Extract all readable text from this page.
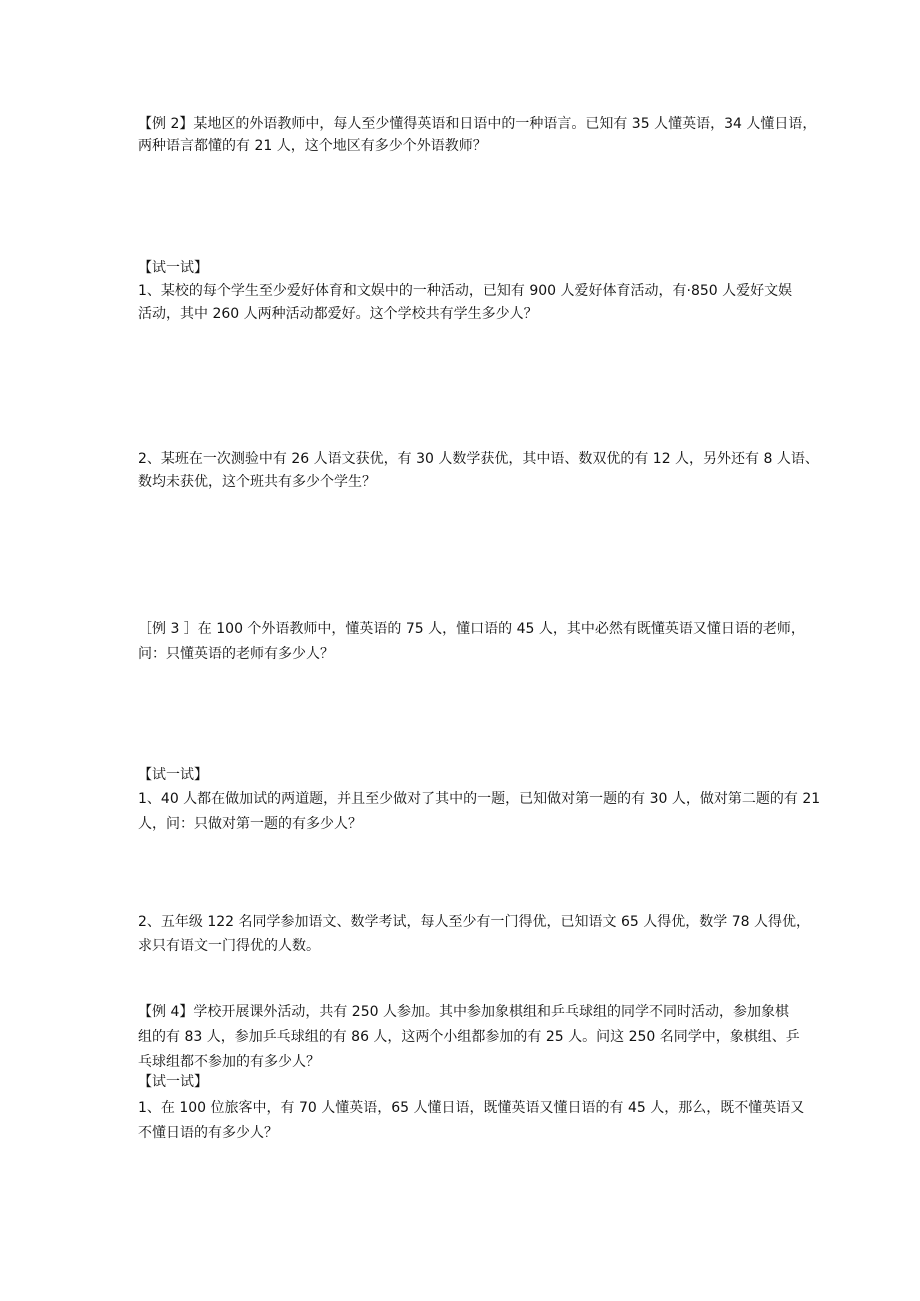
【例 2】某地区的外语教师中，每人至少懂得英语和日语中的一种语言。已知有 35 人懂英语，34 人懂日语，
两种语言都懂的有 21 人，这个地区有多少个外语教师？
【试一试】
1、某校的每个学生至少爱好体育和文娱中的一种活动，已知有 900 人爱好体育活动，有·850 人爱好文娱
活动，其中 260 人两种活动都爱好。这个学校共有学生多少人？
2、某班在一次测验中有 26 人语文获优，有 30 人数学获优，其中语、数双优的有 12 人，另外还有 8 人语、
数均未获优，这个班共有多少个学生？
［例 3 ］在 100 个外语教师中，懂英语的 75 人，懂口语的 45 人，其中必然有既懂英语又懂日语的老师，
问：只懂英语的老师有多少人？
【试一试】
1、40 人都在做加试的两道题，并且至少做对了其中的一题，已知做对第一题的有 30 人，做对第二题的有 21
人，问：只做对第一题的有多少人？
2、五年级 122 名同学参加语文、数学考试，每人至少有一门得优，已知语文 65 人得优，数学 78 人得优，
求只有语文一门得优的人数。
【例 4】学校开展课外活动，共有 250 人参加。其中参加象棋组和乒乓球组的同学不同时活动，参加象棋
组的有 83 人，参加乒乓球组的有 86 人，这两个小组都参加的有 25 人。问这 250 名同学中，象棋组、乒
乓球组都不参加的有多少人？
【试一试】
1、在 100 位旅客中，有 70 人懂英语，65 人懂日语，既懂英语又懂日语的有 45 人，那么，既不懂英语又
不懂日语的有多少人？
